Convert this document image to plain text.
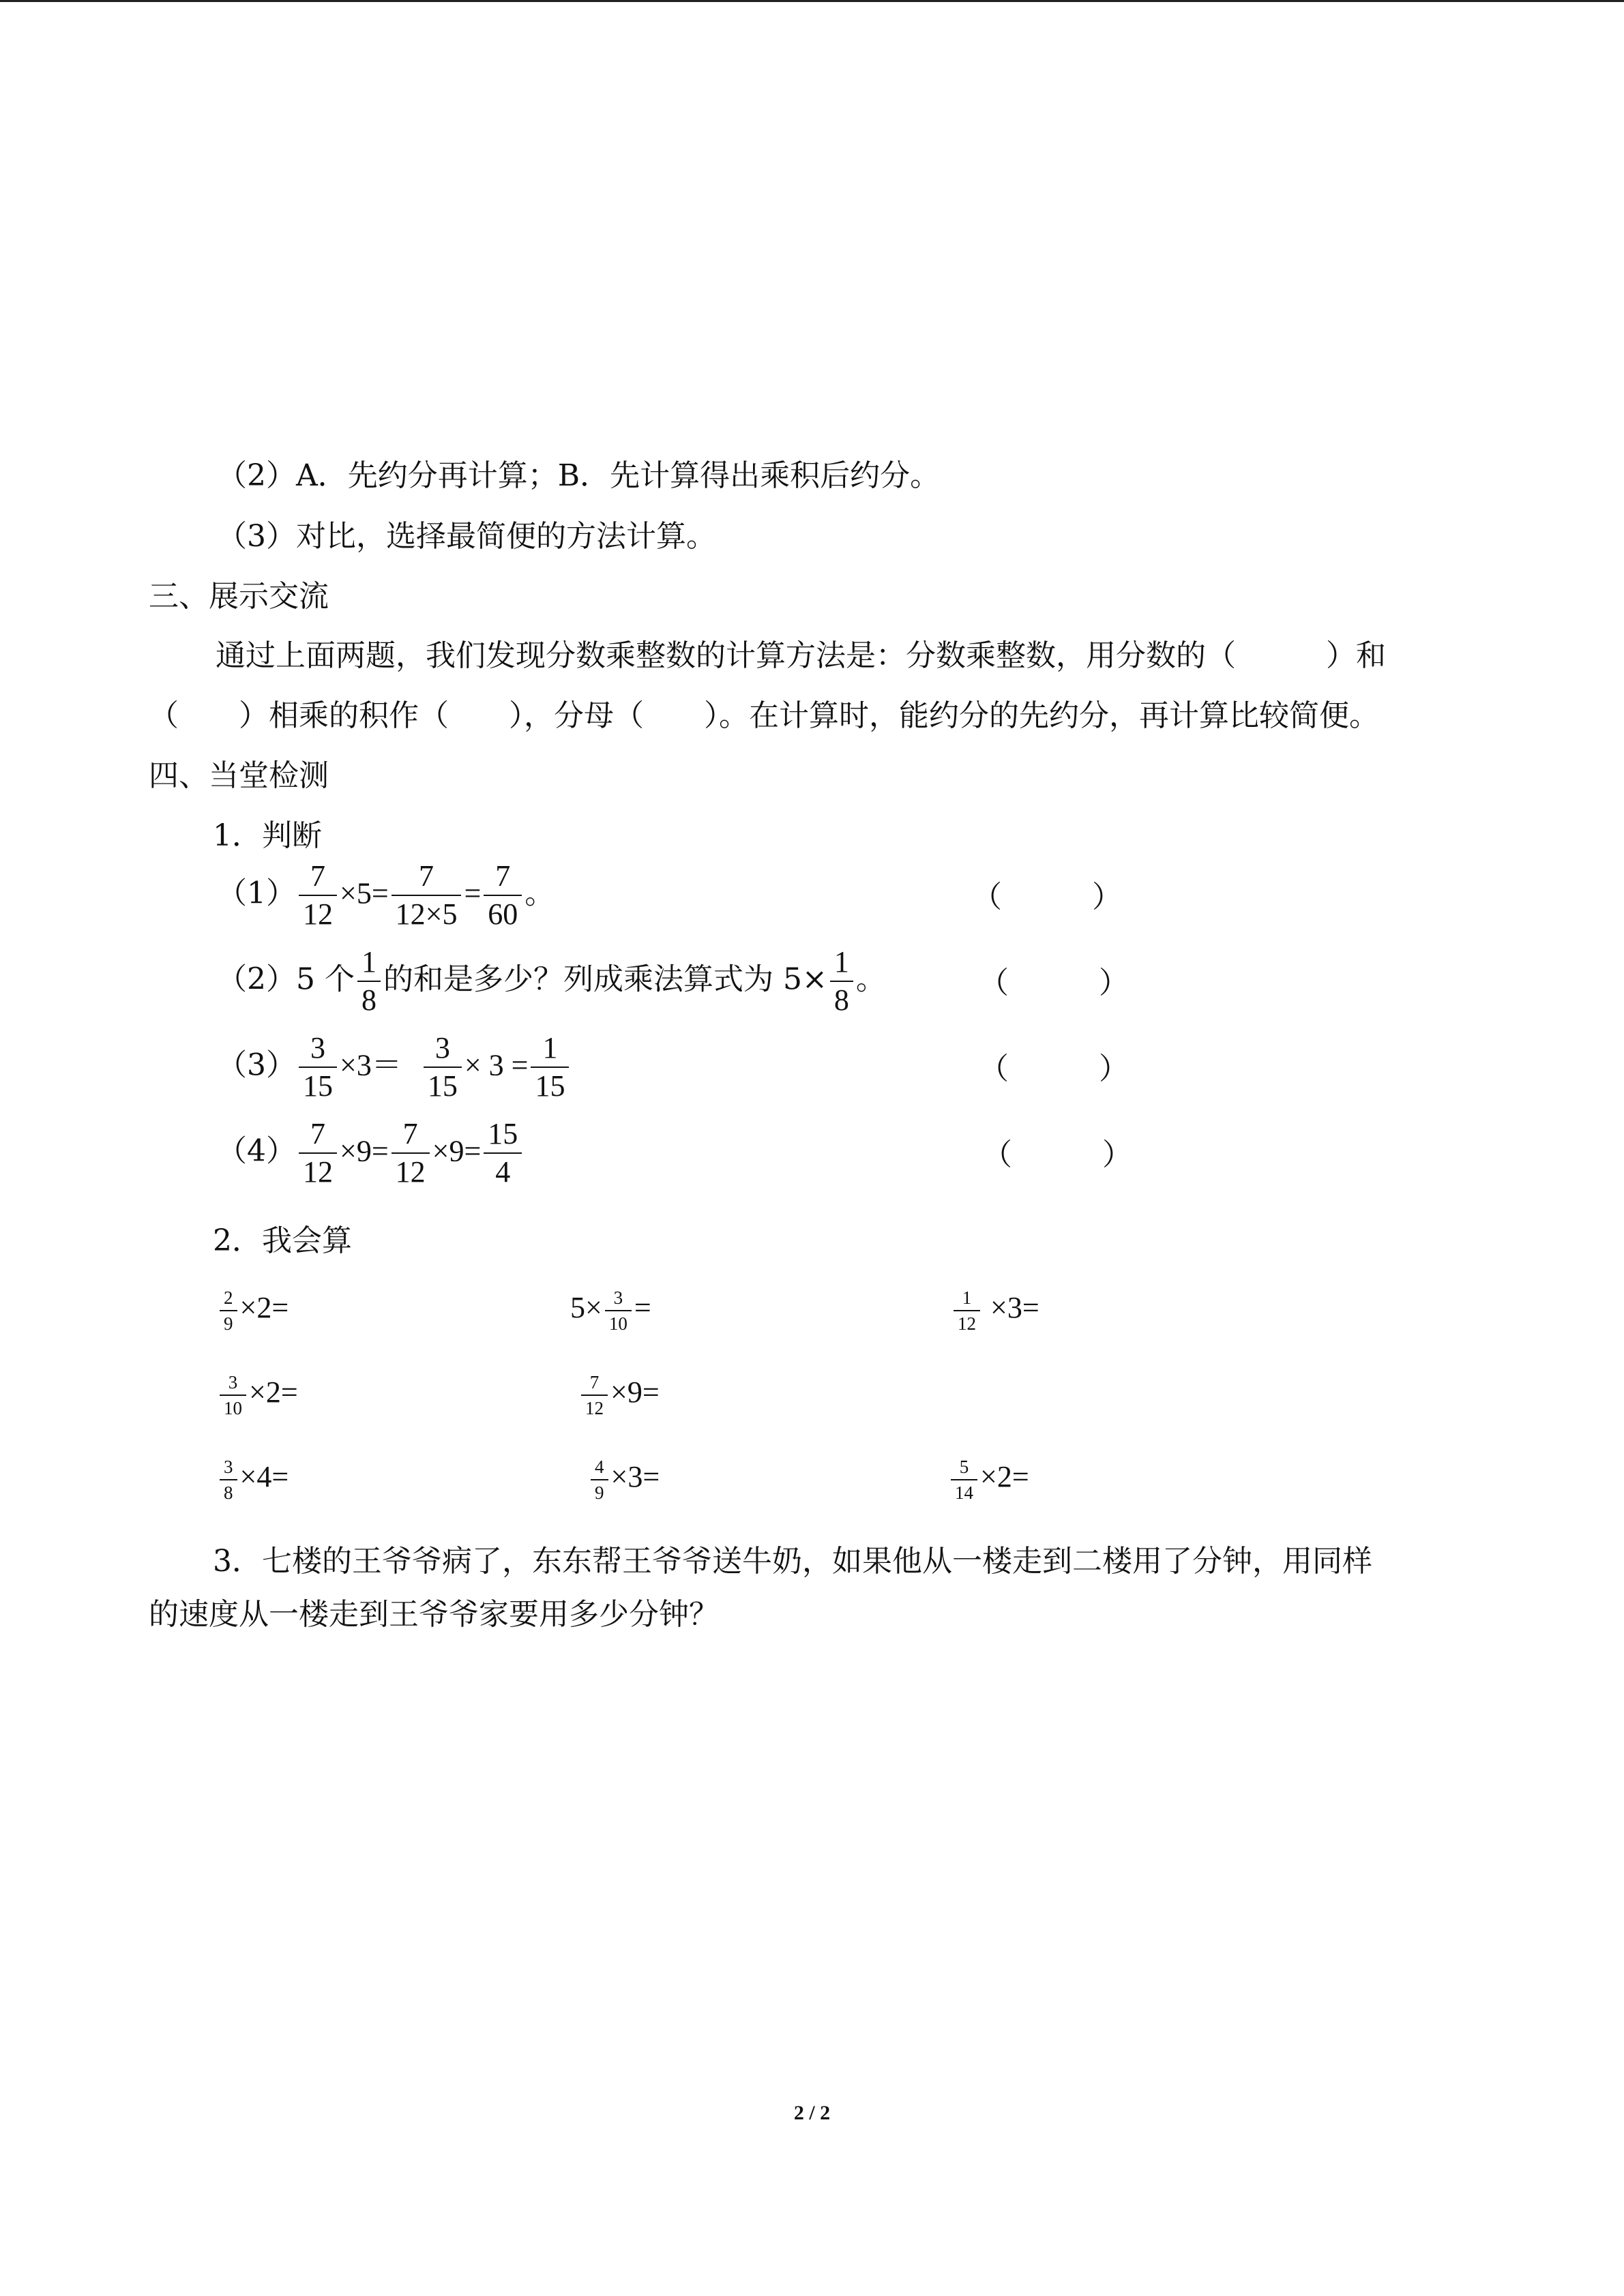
（2）A．先约分再计算；B．先计算得出乘积后约分。
（3）对比，选择最简便的方法计算。
三、展示交流
通过上面两题，我们发现分数乘整数的计算方法是：分数乘整数，用分数的（　　　）和
（　　）相乘的积作（　　），分母（　　）。在计算时，能约分的先约分，再计算比较简便。
四、当堂检测
1．判断
$(1) \frac{7}{12} \times 5= \frac{7}{12\times 5} = \frac{7}{60}$ 。	（　　　）
（2）5 个 $\frac{1}{8}$ 的和是多少？列成乘法算式为 $5\times \frac{1}{8}$ 。	（　　　）
$(3) \frac{3}{15} \times 3= \frac{3}{15} \times 3 = \frac{1}{15}$	（　　　）
$(4) \frac{7}{12} \times 9= \frac{7}{12} \times 9= \frac{15}{4}$	（　　　）
2．我会算
$\frac{2}{9} \times 2=$	$5\times \frac{3}{10}$ =	$\frac{1}{12} \times 3=$
$\frac{3}{10} \times 2=$	$\frac{7}{12} \times 9=$
$\frac{3}{8} \times 4=$	$\frac{4}{9} \times 3=$	$\frac{5}{14} \times 2=$
3．七楼的王爷爷病了，东东帮王爷爷送牛奶，如果他从一楼走到二楼用了分钟，用同样
的速度从一楼走到王爷爷家要用多少分钟？
2 / 2
